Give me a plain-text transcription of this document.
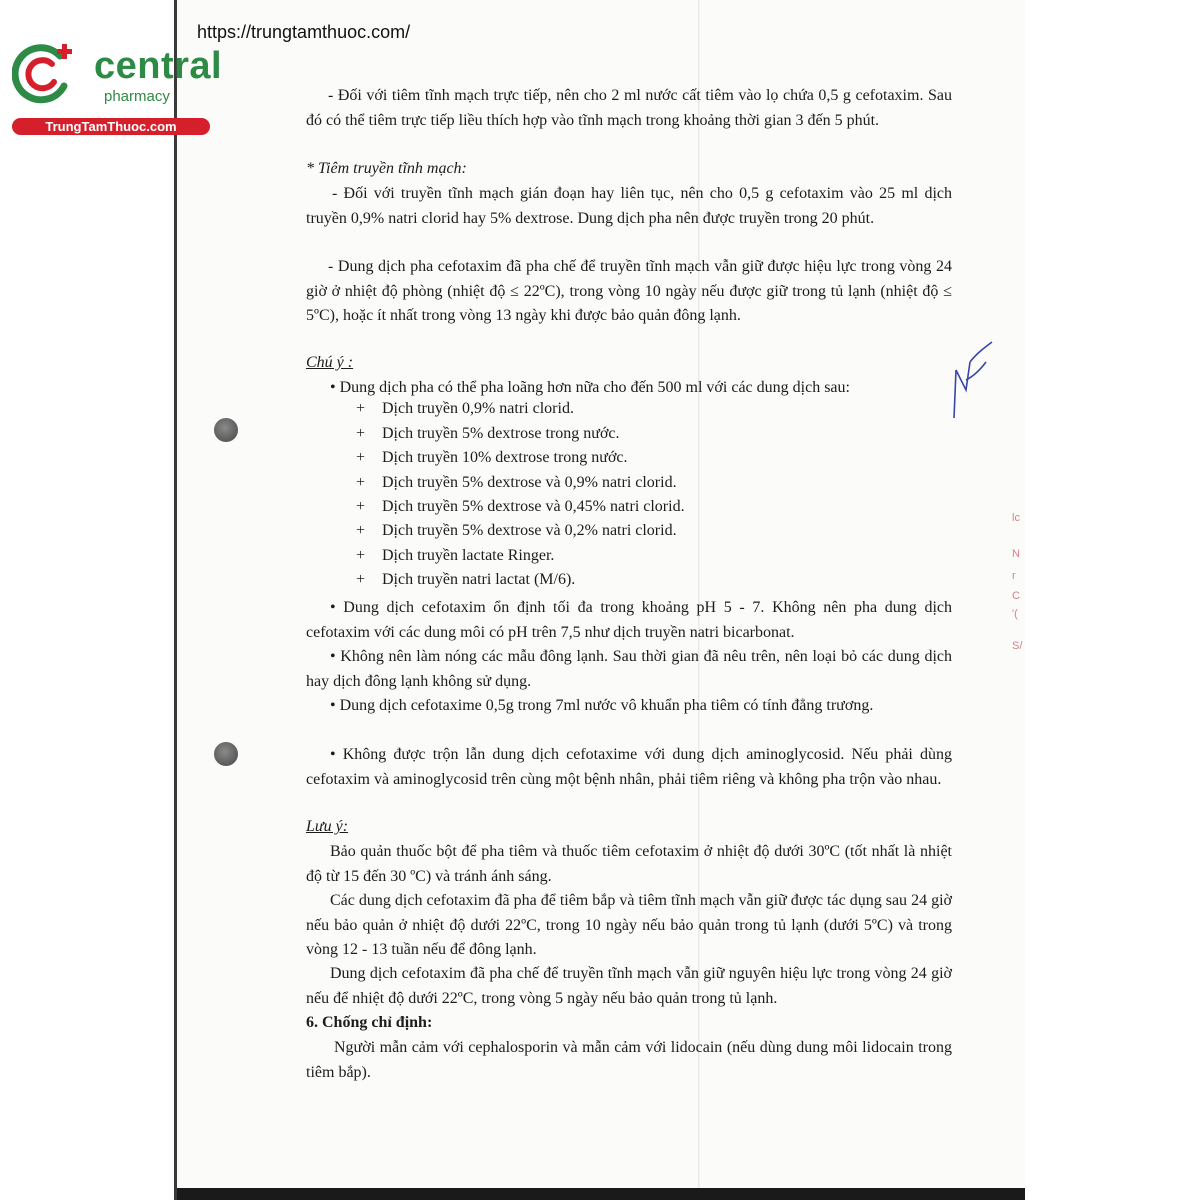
https://trungtamthuoc.com/
central
pharmacy
TrungTamThuoc.com
- Đối với tiêm tĩnh mạch trực tiếp, nên cho 2 ml nước cất tiêm vào lọ chứa 0,5 g cefotaxim. Sau đó có thể tiêm trực tiếp liều thích hợp vào tĩnh mạch trong khoảng thời gian 3 đến 5 phút.
* Tiêm truyền tĩnh mạch:
- Đối với truyền tĩnh mạch gián đoạn hay liên tục, nên cho 0,5 g cefotaxim vào 25 ml dịch truyền 0,9% natri clorid hay 5% dextrose. Dung dịch pha nên được truyền trong 20 phút.
- Dung dịch pha cefotaxim đã pha chế để truyền tĩnh mạch vẫn giữ được hiệu lực trong vòng 24 giờ ở nhiệt độ phòng (nhiệt độ ≤ 22ºC), trong vòng 10 ngày nếu được giữ trong tủ lạnh (nhiệt độ ≤ 5ºC), hoặc ít nhất trong vòng 13 ngày khi được bảo quản đông lạnh.
Chú ý :
• Dung dịch pha có thể pha loãng hơn nữa cho đến 500 ml với các dung dịch sau:
+ Dịch truyền 0,9% natri clorid.
+ Dịch truyền 5% dextrose trong nước.
+ Dịch truyền 10% dextrose trong nước.
+ Dịch truyền 5% dextrose và 0,9% natri clorid.
+ Dịch truyền 5% dextrose và 0,45% natri clorid.
+ Dịch truyền 5% dextrose và 0,2% natri clorid.
+ Dịch truyền lactate Ringer.
+ Dịch truyền natri lactat (M/6).
• Dung dịch cefotaxim ổn định tối đa trong khoảng pH 5 - 7. Không nên pha dung dịch cefotaxim với các dung môi có pH trên 7,5 như dịch truyền natri bicarbonat.
• Không nên làm nóng các mẫu đông lạnh. Sau thời gian đã nêu trên, nên loại bỏ các dung dịch hay dịch đông lạnh không sử dụng.
• Dung dịch cefotaxime 0,5g trong 7ml nước vô khuẩn pha tiêm có tính đẳng trương.
• Không được trộn lẫn dung dịch cefotaxime với dung dịch aminoglycosid. Nếu phải dùng cefotaxim và aminoglycosid trên cùng một bệnh nhân, phải tiêm riêng và không pha trộn vào nhau.
Lưu ý:
Bảo quản thuốc bột để pha tiêm và thuốc tiêm cefotaxim ở nhiệt độ dưới 30ºC (tốt nhất là nhiệt độ từ 15 đến 30 ºC) và tránh ánh sáng.
Các dung dịch cefotaxim đã pha để tiêm bắp và tiêm tĩnh mạch vẫn giữ được tác dụng sau 24 giờ nếu bảo quản ở nhiệt độ dưới 22ºC, trong 10 ngày nếu bảo quản trong tủ lạnh (dưới 5ºC) và trong vòng 12 - 13 tuần nếu để đông lạnh.
Dung dịch cefotaxim đã pha chế để truyền tĩnh mạch vẫn giữ nguyên hiệu lực trong vòng 24 giờ nếu để nhiệt độ dưới 22ºC, trong vòng 5 ngày nếu bảo quản trong tủ lạnh.
6. Chống chỉ định:
Người mẫn cảm với cephalosporin và mẫn cảm với lidocain (nếu dùng dung môi lidocain trong tiêm bắp).
lc
N
r
C
'(
S/
